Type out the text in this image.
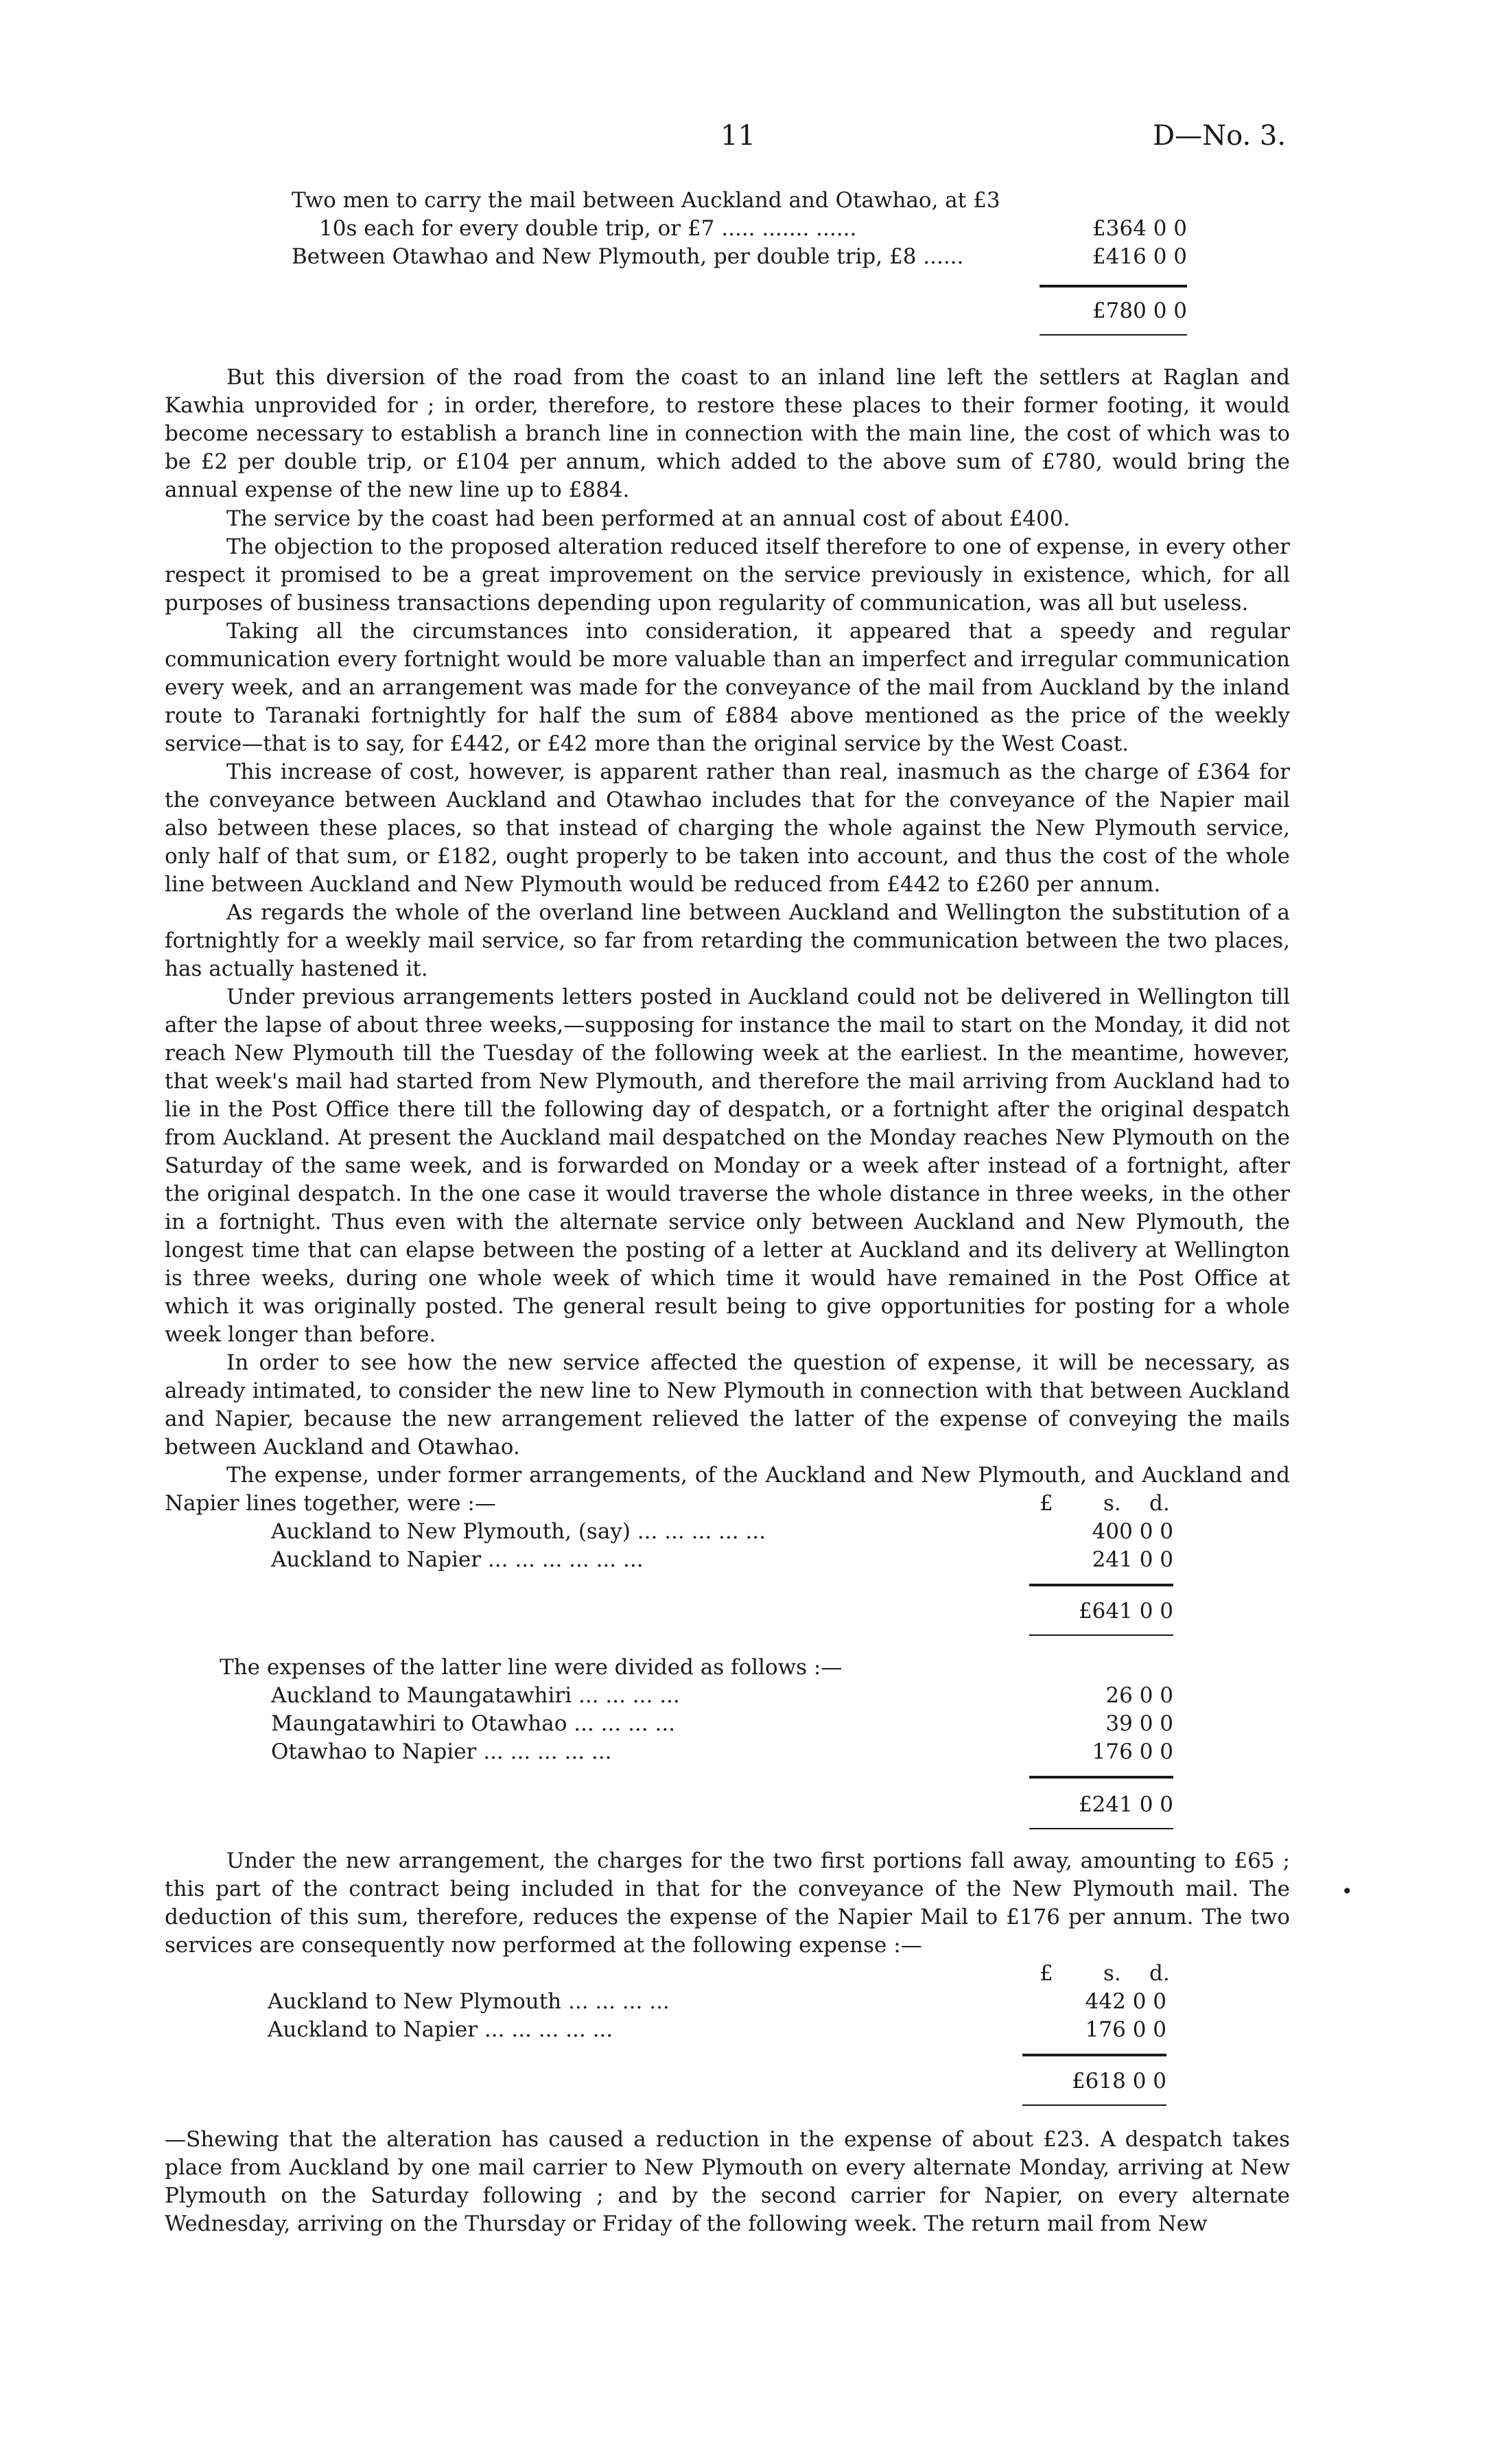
11	D—No. 3.
Two men to carry the mail between Auckland and Otawhao, at £3
10s each for every double trip, or £7 ..... ....... ......	£364 0 0
Between Otawhao and New Plymouth, per double trip, £8 ......	£416 0 0
£780 0 0
But this diversion of the road from the coast to an inland line left the settlers at Raglan and Kawhia unprovided for ; in order, therefore, to restore these places to their former footing, it would become necessary to establish a branch line in connection with the main line, the cost of which was to be £2 per double trip, or £104 per annum, which added to the above sum of £780, would bring the annual expense of the new line up to £884.
The service by the coast had been performed at an annual cost of about £400.
The objection to the proposed alteration reduced itself therefore to one of expense, in every other respect it promised to be a great improvement on the service previously in existence, which, for all purposes of business transactions depending upon regularity of communication, was all but useless.
Taking all the circumstances into consideration, it appeared that a speedy and regular communication every fortnight would be more valuable than an imperfect and irregular communication every week, and an arrangement was made for the conveyance of the mail from Auckland by the inland route to Taranaki fortnightly for half the sum of £884 above mentioned as the price of the weekly service—that is to say, for £442, or £42 more than the original service by the West Coast.
This increase of cost, however, is apparent rather than real, inasmuch as the charge of £364 for the conveyance between Auckland and Otawhao includes that for the conveyance of the Napier mail also between these places, so that instead of charging the whole against the New Plymouth service, only half of that sum, or £182, ought properly to be taken into account, and thus the cost of the whole line between Auckland and New Plymouth would be reduced from £442 to £260 per annum.
As regards the whole of the overland line between Auckland and Wellington the substitution of a fortnightly for a weekly mail service, so far from retarding the communication between the two places, has actually hastened it.
Under previous arrangements letters posted in Auckland could not be delivered in Wellington till after the lapse of about three weeks,—supposing for instance the mail to start on the Monday, it did not reach New Plymouth till the Tuesday of the following week at the earliest. In the meantime, however, that week's mail had started from New Plymouth, and therefore the mail arriving from Auckland had to lie in the Post Office there till the following day of despatch, or a fortnight after the original despatch from Auckland. At present the Auckland mail despatched on the Monday reaches New Plymouth on the Saturday of the same week, and is forwarded on Monday or a week after instead of a fortnight, after the original despatch. In the one case it would traverse the whole distance in three weeks, in the other in a fortnight. Thus even with the alternate service only between Auckland and New Plymouth, the longest time that can elapse between the posting of a letter at Auckland and its delivery at Wellington is three weeks, during one whole week of which time it would have remained in the Post Office at which it was originally posted. The general result being to give opportunities for posting for a whole week longer than before.
In order to see how the new service affected the question of expense, it will be necessary, as already intimated, to consider the new line to New Plymouth in connection with that between Auckland and Napier, because the new arrangement relieved the latter of the expense of conveying the mails between Auckland and Otawhao.
The expense, under former arrangements, of the Auckland and New Plymouth, and Auckland and Napier lines together, were :—	£ s. d.
Auckland to New Plymouth, (say) ... ... ... ... ...	400 0 0
Auckland to Napier ... ... ... ... ... ...	241 0 0
£641 0 0
The expenses of the latter line were divided as follows :—
Auckland to Maungatawhiri ... ... ... ...	26 0 0
Maungatawhiri to Otawhao ... ... ... ...	39 0 0
Otawhao to Napier ... ... ... ... ...	176 0 0
£241 0 0
Under the new arrangement, the charges for the two first portions fall away, amounting to £65 ; this part of the contract being included in that for the conveyance of the New Plymouth mail. The deduction of this sum, therefore, reduces the expense of the Napier Mail to £176 per annum. The two services are consequently now performed at the following expense :—
•
£ s. d.
Auckland to New Plymouth ... ... ... ...	442 0 0
Auckland to Napier ... ... ... ... ...	176 0 0
£618 0 0
—Shewing that the alteration has caused a reduction in the expense of about £23. A despatch takes place from Auckland by one mail carrier to New Plymouth on every alternate Monday, arriving at New Plymouth on the Saturday following ; and by the second carrier for Napier, on every alternate Wednesday, arriving on the Thursday or Friday of the following week. The return mail from New
